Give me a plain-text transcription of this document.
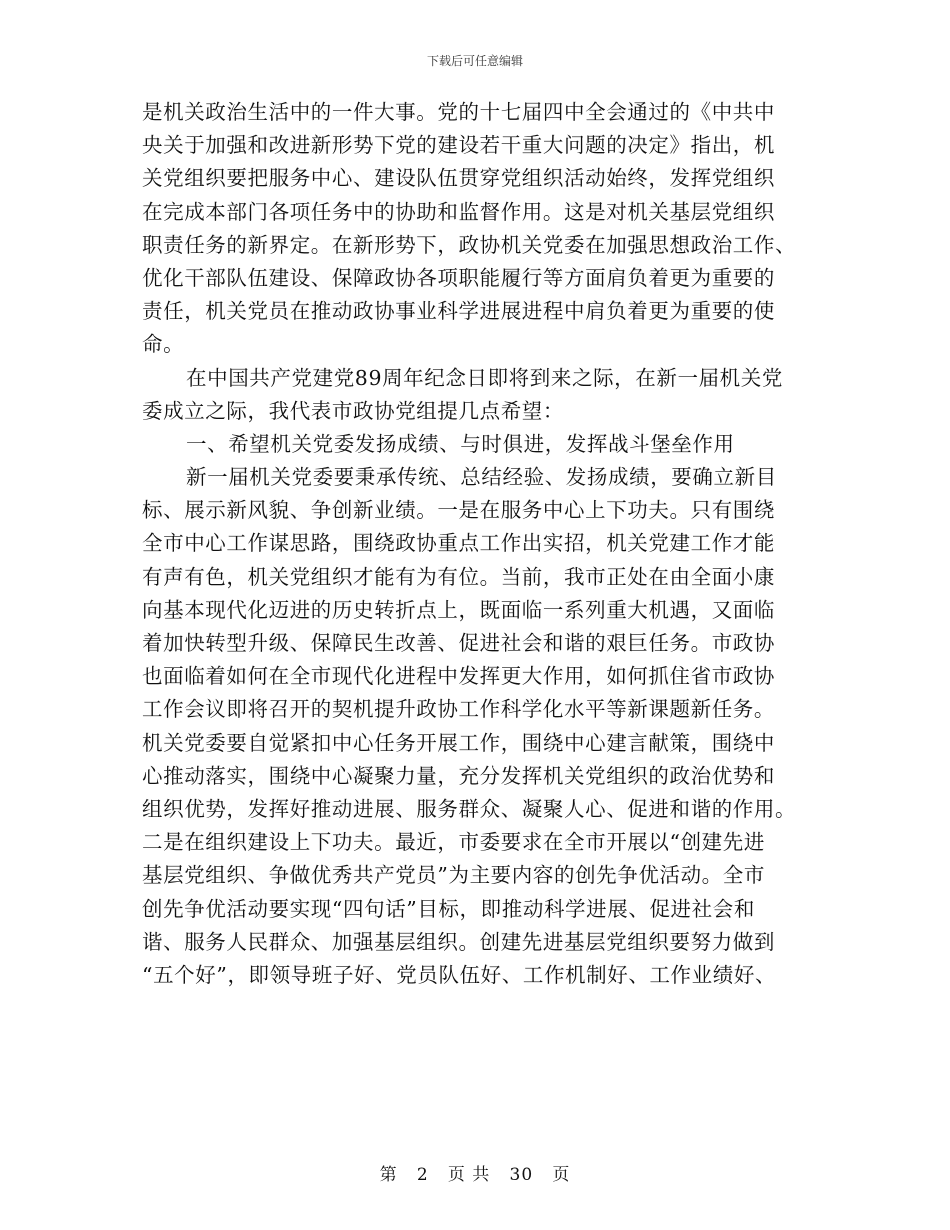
下载后可任意编辑
是机关政治生活中的一件大事。党的十七届四中全会通过的《中共中
央关于加强和改进新形势下党的建设若干重大问题的决定》指出，机
关党组织要把服务中心、建设队伍贯穿党组织活动始终，发挥党组织
在完成本部门各项任务中的协助和监督作用。这是对机关基层党组织
职责任务的新界定。在新形势下，政协机关党委在加强思想政治工作、
优化干部队伍建设、保障政协各项职能履行等方面肩负着更为重要的
责任，机关党员在推动政协事业科学进展进程中肩负着更为重要的使
命。
在中国共产党建党89周年纪念日即将到来之际，在新一届机关党
委成立之际，我代表市政协党组提几点希望：
一、希望机关党委发扬成绩、与时俱进，发挥战斗堡垒作用
新一届机关党委要秉承传统、总结经验、发扬成绩，要确立新目
标、展示新风貌、争创新业绩。一是在服务中心上下功夫。只有围绕
全市中心工作谋思路，围绕政协重点工作出实招，机关党建工作才能
有声有色，机关党组织才能有为有位。当前，我市正处在由全面小康
向基本现代化迈进的历史转折点上，既面临一系列重大机遇，又面临
着加快转型升级、保障民生改善、促进社会和谐的艰巨任务。市政协
也面临着如何在全市现代化进程中发挥更大作用，如何抓住省市政协
工作会议即将召开的契机提升政协工作科学化水平等新课题新任务。
机关党委要自觉紧扣中心任务开展工作，围绕中心建言献策，围绕中
心推动落实，围绕中心凝聚力量，充分发挥机关党组织的政治优势和
组织优势，发挥好推动进展、服务群众、凝聚人心、促进和谐的作用。
二是在组织建设上下功夫。最近，市委要求在全市开展以“创建先进
基层党组织、争做优秀共产党员”为主要内容的创先争优活动。全市
创先争优活动要实现“四句话”目标，即推动科学进展、促进社会和
谐、服务人民群众、加强基层组织。创建先进基层党组织要努力做到
“五个好”，即领导班子好、党员队伍好、工作机制好、工作业绩好、
第 2 页 共 30 页
